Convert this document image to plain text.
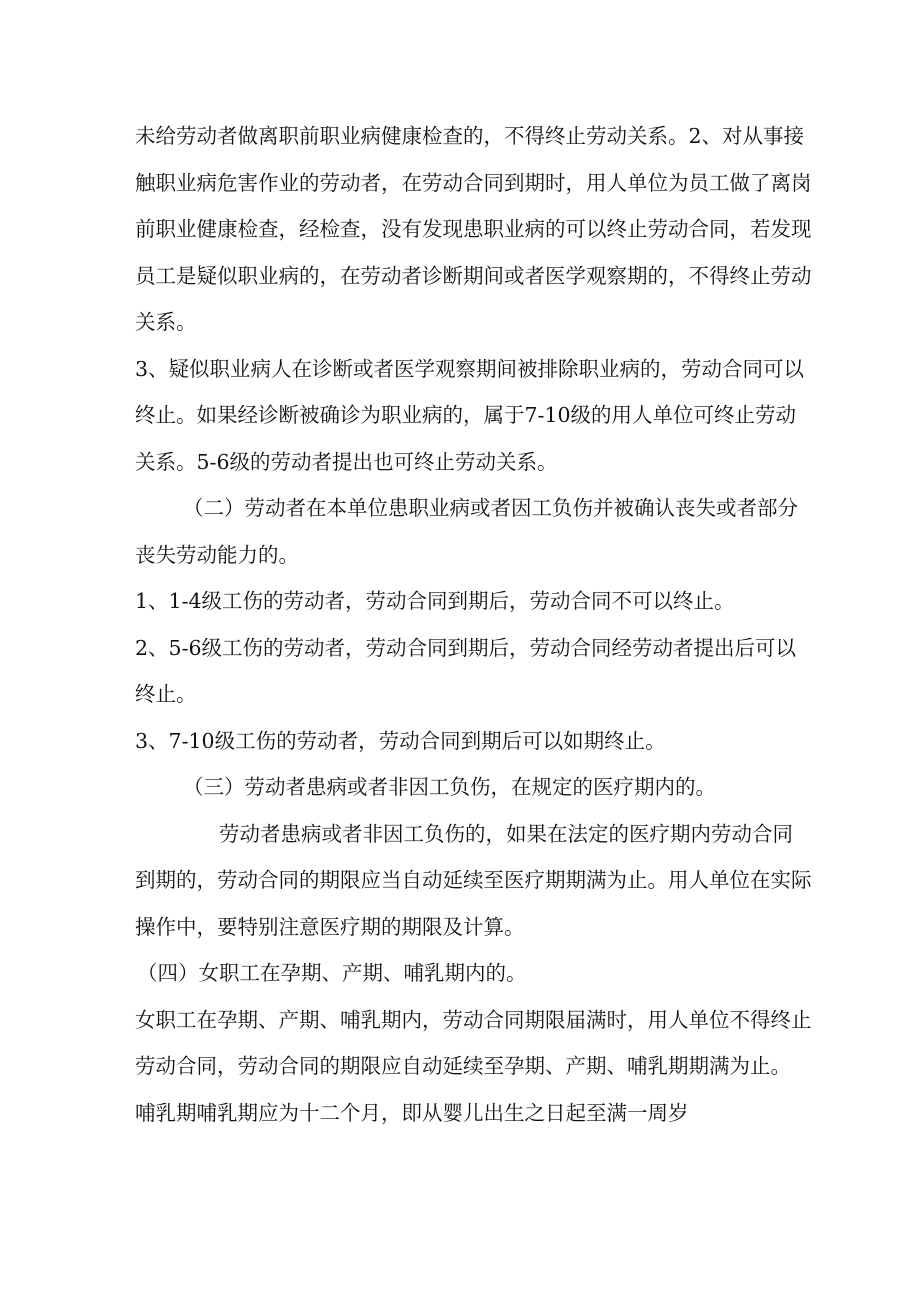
未给劳动者做离职前职业病健康检查的，不得终止劳动关系。2、对从事接
触职业病危害作业的劳动者，在劳动合同到期时，用人单位为员工做了离岗
前职业健康检查，经检查，没有发现患职业病的可以终止劳动合同，若发现
员工是疑似职业病的，在劳动者诊断期间或者医学观察期的，不得终止劳动
关系。

3、疑似职业病人在诊断或者医学观察期间被排除职业病的，劳动合同可以
终止。如果经诊断被确诊为职业病的，属于7-10级的用人单位可终止劳动
关系。5-6级的劳动者提出也可终止劳动关系。

（二）劳动者在本单位患职业病或者因工负伤并被确认丧失或者部分
丧失劳动能力的。

1、1-4级工伤的劳动者，劳动合同到期后，劳动合同不可以终止。

2、5-6级工伤的劳动者，劳动合同到期后，劳动合同经劳动者提出后可以
终止。

3、7-10级工伤的劳动者，劳动合同到期后可以如期终止。

（三）劳动者患病或者非因工负伤，在规定的医疗期内的。

劳动者患病或者非因工负伤的，如果在法定的医疗期内劳动合同
到期的，劳动合同的期限应当自动延续至医疗期期满为止。用人单位在实际
操作中，要特别注意医疗期的期限及计算。

（四）女职工在孕期、产期、哺乳期内的。

女职工在孕期、产期、哺乳期内，劳动合同期限届满时，用人单位不得终止
劳动合同，劳动合同的期限应自动延续至孕期、产期、哺乳期期满为止。
哺乳期哺乳期应为十二个月，即从婴儿出生之日起至满一周岁
